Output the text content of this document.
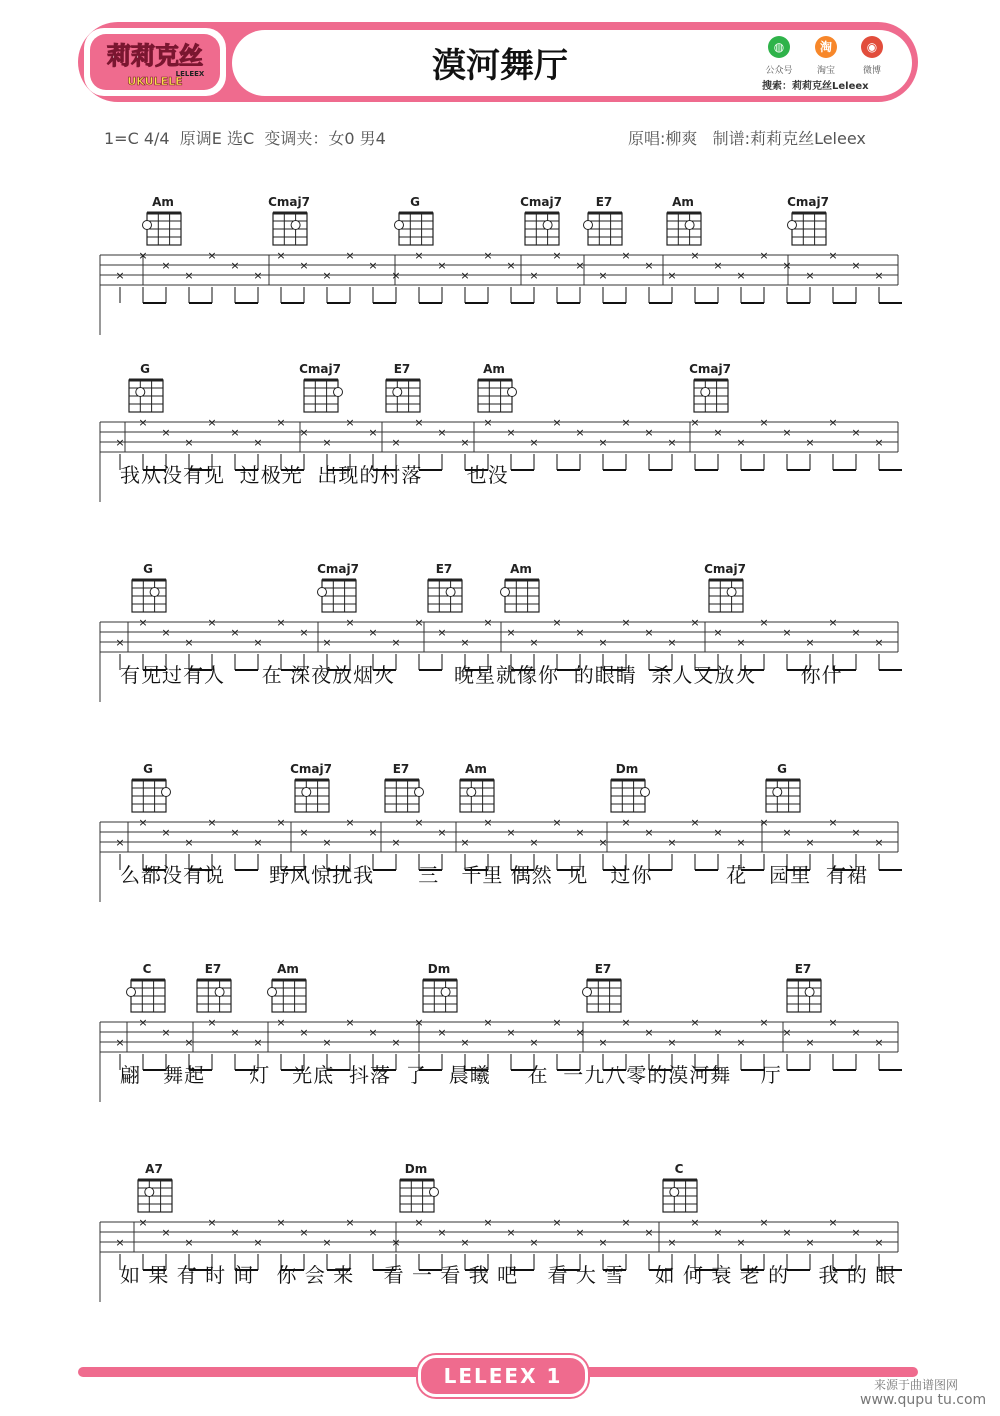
莉莉克丝
LELEEX
UKULELE	漠河舞厅	◍	淘	◉
公众号	淘宝	微博
搜索：莉莉克丝Leleex
1=C 4/4 原调E 选C 变调夹：女0 男4	原唱:柳爽 制谱:莉莉克丝Leleex
Am	Cmaj7	G	Cmaj7	E7	Am	Cmaj7
×
×
×
×
×
×
×
×
×
×
×
×
×
×
×
×
×
×
×
×
×
×
×
×
×
×
×
×
×
×
×
×
×
×
G	Cmaj7	E7	Am	Cmaj7
×
×
×
×
×
×
×
×
×
×
×
×
×
×
×
×
×
×
×
×
×
×
×
×
×
×
×
×
×
×
×
×
×
×
我从没有见  过极光  出现的村落      也没
G	Cmaj7	E7	Am	Cmaj7
×
×
×
×
×
×
×
×
×
×
×
×
×
×
×
×
×
×
×
×
×
×
×
×
×
×
×
×
×
×
×
×
×
×
有见过有人     在 深夜放烟火        晚星就像你  的眼睛  杀人又放火      你什
G	Cmaj7	E7	Am	Dm	G
×
×
×
×
×
×
×
×
×
×
×
×
×
×
×
×
×
×
×
×
×
×
×
×
×
×
×
×
×
×
×
×
×
×
么都没有说      野风惊扰我      三   千里 偶然  见   过你          花   园里  有裙
C	E7	Am	Dm	E7	E7
×
×
×
×
×
×
×
×
×
×
×
×
×
×
×
×
×
×
×
×
×
×
×
×
×
×
×
×
×
×
×
×
×
×
翩   舞起      灯   光底  抖落  了   晨曦     在  一九八零的漠河舞    厅
A7	Dm	C
×
×
×
×
×
×
×
×
×
×
×
×
×
×
×
×
×
×
×
×
×
×
×
×
×
×
×
×
×
×
×
×
×
×
如 果 有 时 间   你 会 来    看 一 看 我 吧    看 大 雪    如 何 衰 老 的    我 的 眼
LELEEX 1	来源于曲谱图网
www.qupu tu.com
